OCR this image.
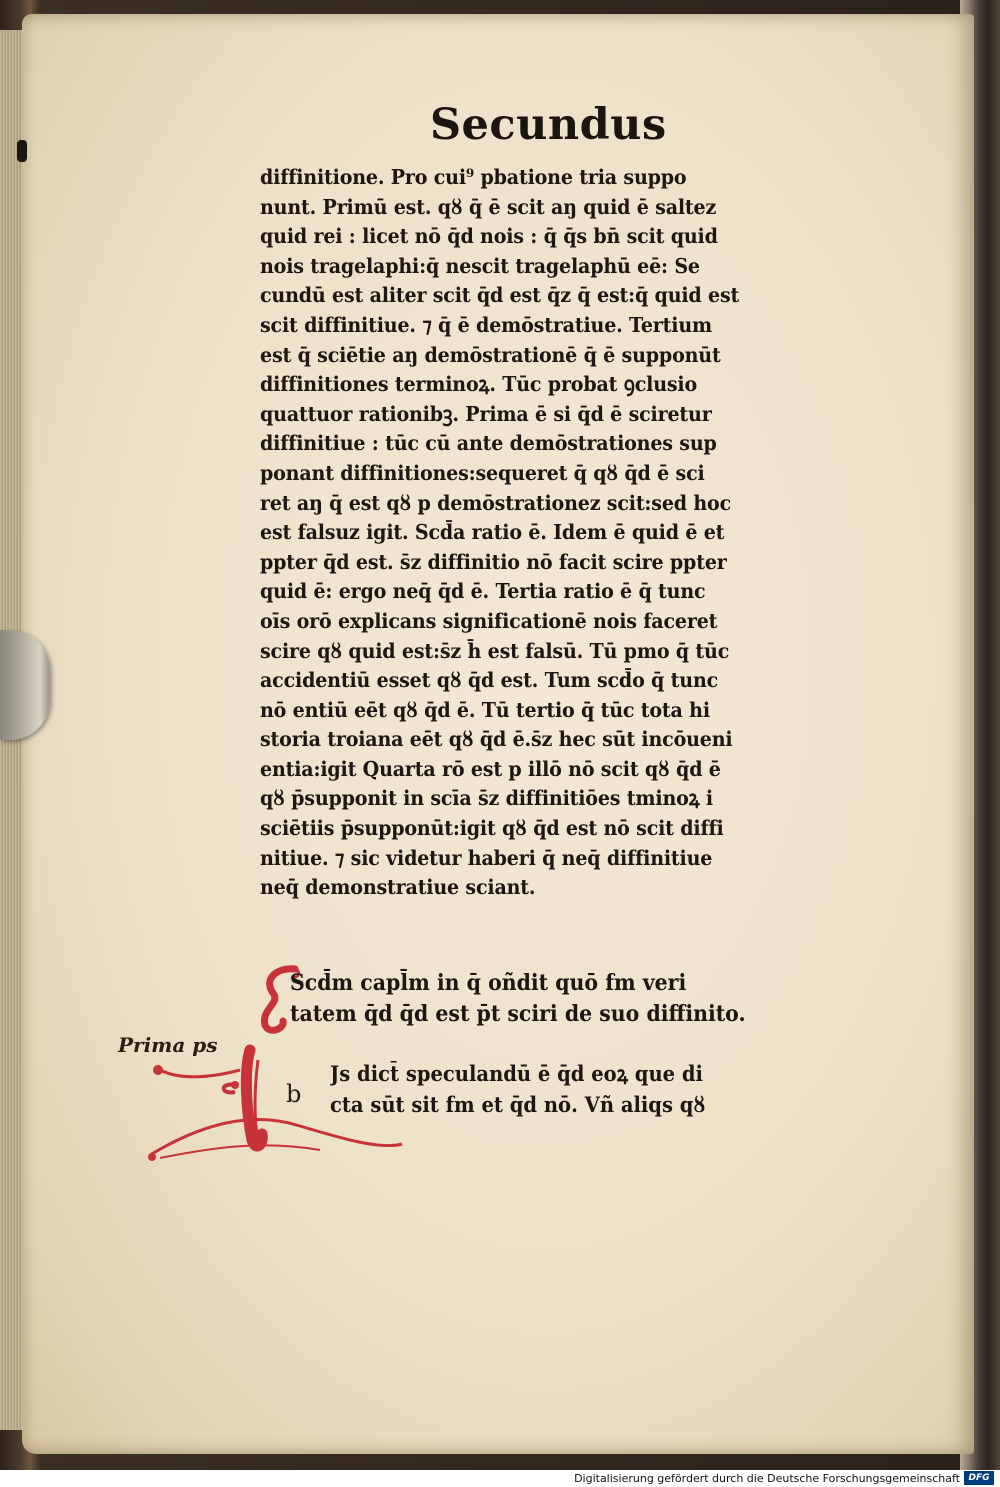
Secundus
diffinitione. Pro cui⁹ pbatione tria suppo
nunt. Primū est. qȣ q̄ ē scit aŋ quid ē saltez
quid rei : licet nō q̄d nois : q̄ q̄s bn̄ scit quid
nois tragelaphi:q̄ nescit tragelaphū eē: Se
cundū est aliter scit q̄d est q̄z q̄ est:q̄ quid est
scit diffinitiue. ⁊ q̄ ē demōstratiue. Tertium
est q̄ sciētie aŋ demōstrationē q̄ ē supponūt
diffinitiones terminoꝝ. Tūc probat ꝯclusio
quattuor rationibꝫ. Prima ē si q̄d ē sciretur
diffinitiue : tūc cū ante demōstrationes sup
ponant diffinitiones:sequeret q̄ qȣ q̄d ē sci
ret aŋ q̄ est qȣ p demōstrationez scit:sed hoc
est falsuz igit. Scd̄a ratio ē. Idem ē quid ē et
ppter q̄d est. s̄z diffinitio nō facit scire ppter
quid ē: ergo neq̄ q̄d ē. Tertia ratio ē q̄ tunc
oīs orō explicans significationē nois faceret
scire qȣ quid est:s̄z h̄ est falsū. Tū pmo q̄ tūc
accidentiū esset qȣ q̄d est. Tum scd̄o q̄ tunc
nō entiū eēt qȣ q̄d ē. Tū tertio q̄ tūc tota hi
storia troiana eēt qȣ q̄d ē.s̄z hec sūt incōueni
entia:igit Quarta rō est p illō nō scit qȣ q̄d ē
qȣ p̄supponit in scīa s̄z diffinitiōes tminoꝝ i
sciētiis p̄supponūt:igit qȣ q̄d est nō scit diffi
nitiue. ⁊ sic videtur haberi q̄ neq̄ diffinitiue
neq̄ demonstratiue sciant.
Scd̄m capl̄m in q̄ oñdit quō fm veri
tatem q̄d q̄d est p̄t sciri de suo diffinito.
Prima ps
b
Js dict̄ speculandū ē q̄d eoꝝ que di
cta sūt sit fm et q̄d nō. Vñ aliqs qȣ
Digitalisierung gefördert durch die Deutsche Forschungsgemeinschaft DFG
